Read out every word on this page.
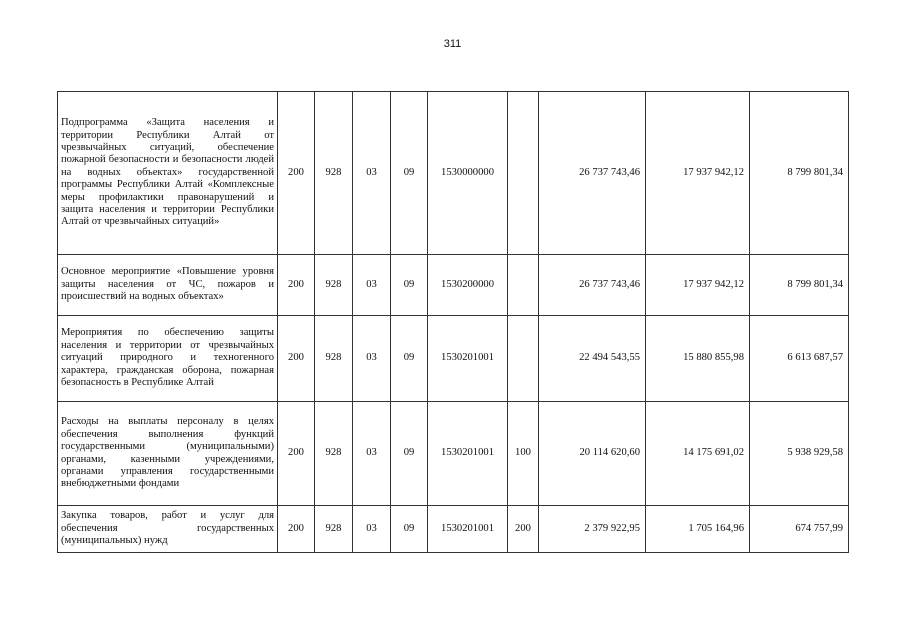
311
Подпрограмма «Защита населения и территории Республики Алтай от чрезвычайных ситуаций, обеспечение пожарной безопасности и безопасности людей на водных объектах» государственной программы Республики Алтай «Комплексные меры профилактики правонарушений и защита населения и территории Республики Алтай от чрезвычайных ситуаций»	200	928	03	09	1530000000		26 737 743,46	17 937 942,12	8 799 801,34
Основное мероприятие «Повышение уровня защиты населения от ЧС, пожаров и происшествий на водных объектах»	200	928	03	09	1530200000		26 737 743,46	17 937 942,12	8 799 801,34
Мероприятия по обеспечению защиты населения и территории от чрезвычайных ситуаций природного и техногенного характера, гражданская оборона, пожарная безопасность в Республике Алтай	200	928	03	09	1530201001		22 494 543,55	15 880 855,98	6 613 687,57
Расходы на выплаты персоналу в целях обеспечения выполнения функций государственными (муниципальными) органами, казенными учреждениями, органами управления государственными внебюджетными фондами	200	928	03	09	1530201001	100	20 114 620,60	14 175 691,02	5 938 929,58
Закупка товаров, работ и услуг для обеспечения государственных (муниципальных) нужд	200	928	03	09	1530201001	200	2 379 922,95	1 705 164,96	674 757,99
